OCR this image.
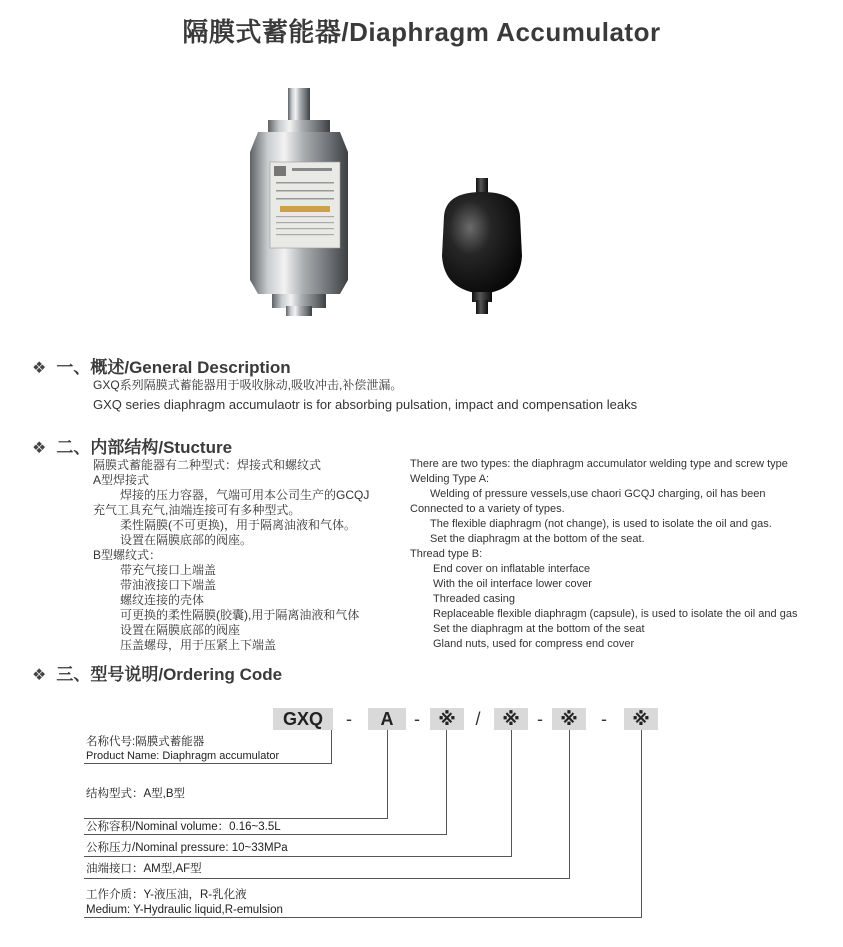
隔膜式蓄能器/Diaphragm Accumulator
❖ 一、概述/General Description
GXQ系列隔膜式蓄能器用于吸收脉动,吸收冲击,补偿泄漏。
GXQ series diaphragm accumulaotr is for absorbing pulsation, impact and compensation leaks
❖ 二、内部结构/Stucture
隔膜式蓄能器有二种型式：焊接式和螺纹式
A型焊接式
焊接的压力容器，气端可用本公司生产的GCQJ
充气工具充气,油端连接可有多种型式。
柔性隔膜(不可更换)，用于隔离油液和气体。
设置在隔膜底部的阀座。
B型螺纹式：
带充气接口上端盖
带油液接口下端盖
螺纹连接的壳体
可更换的柔性隔膜(胶囊),用于隔离油液和气体
设置在隔膜底部的阀座
压盖螺母，用于压紧上下端盖
There are two types: the diaphragm accumulator welding type and screw type
Welding Type A:
Welding of pressure vessels,use chaori GCQJ charging, oil has been
Connected to a variety of types.
The flexible diaphragm (not change), is used to isolate the oil and gas.
Set the diaphragm at the bottom of the seat.
Thread type B:
End cover on inflatable interface
With the oil interface lower cover
Threaded casing
Replaceable flexible diaphragm (capsule), is used to isolate the oil and gas
Set the diaphragm at the bottom of the seat
Gland nuts, used for compress end cover
❖ 三、型号说明/Ordering Code
GXQ	-	A	-	※	/	※ - ※	-	※
名称代号:隔膜式蓄能器
Product Name: Diaphragm accumulator
结构型式：A型,B型
公称容积/Nominal volume：0.16~3.5L
公称压力/Nominal pressure: 10~33MPa
油端接口：AM型,AF型
工作介质：Y-液压油，R-乳化液
Medium: Y-Hydraulic liquid,R-emulsion
